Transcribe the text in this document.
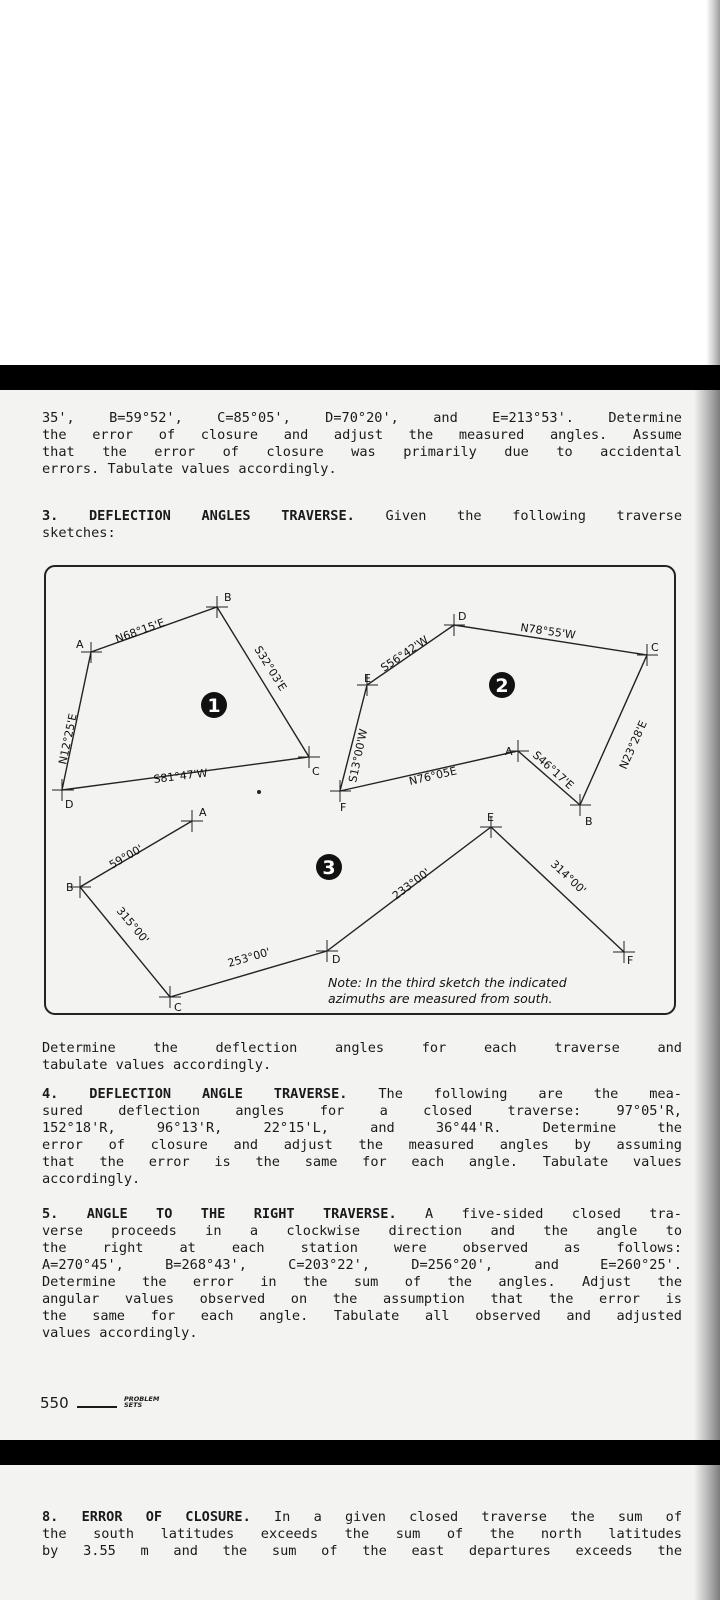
35', B=59°52', C=85°05', D=70°20', and E=213°53'. Determine
the error of closure and adjust the measured angles. Assume
that the error of closure was primarily due to accidental
errors. Tabulate values accordingly.
3. DEFLECTION ANGLES TRAVERSE. Given the following traverse
sketches:
A
B
C
D
N68°15'E
S32°03'E
S81°47'W
N12°25'E
1
A
B
C
D
E
F
N78°55'W
S56°42'W
S13°00'W	N76°05E	S46°17'E	N23°28'E
2
A
B
C
D
E
F
59°00'
315°00'
253°00'
233°00'	314°00'
3
Note: In the third sketch the indicated
azimuths are measured from south.
Determine the deflection angles for each traverse and
tabulate values accordingly.
4. DEFLECTION ANGLE TRAVERSE. The following are the mea-
sured deflection angles for a closed traverse: 97°05'R,
152°18'R, 96°13'R, 22°15'L, and 36°44'R. Determine the
error of closure and adjust the measured angles by assuming
that the error is the same for each angle. Tabulate values
accordingly.
5. ANGLE TO THE RIGHT TRAVERSE. A five-sided closed tra-
verse proceeds in a clockwise direction and the angle to
the right at each station were observed as follows:
A=270°45', B=268°43', C=203°22', D=256°20', and E=260°25'.
Determine the error in the sum of the angles. Adjust the
angular values observed on the assumption that the error is
the same for each angle. Tabulate all observed and adjusted
values accordingly.
550	PROBLEM
SETS
8. ERROR OF CLOSURE. In a given closed traverse the sum of
the south latitudes exceeds the sum of the north latitudes
by 3.55 m and the sum of the east departures exceeds the
